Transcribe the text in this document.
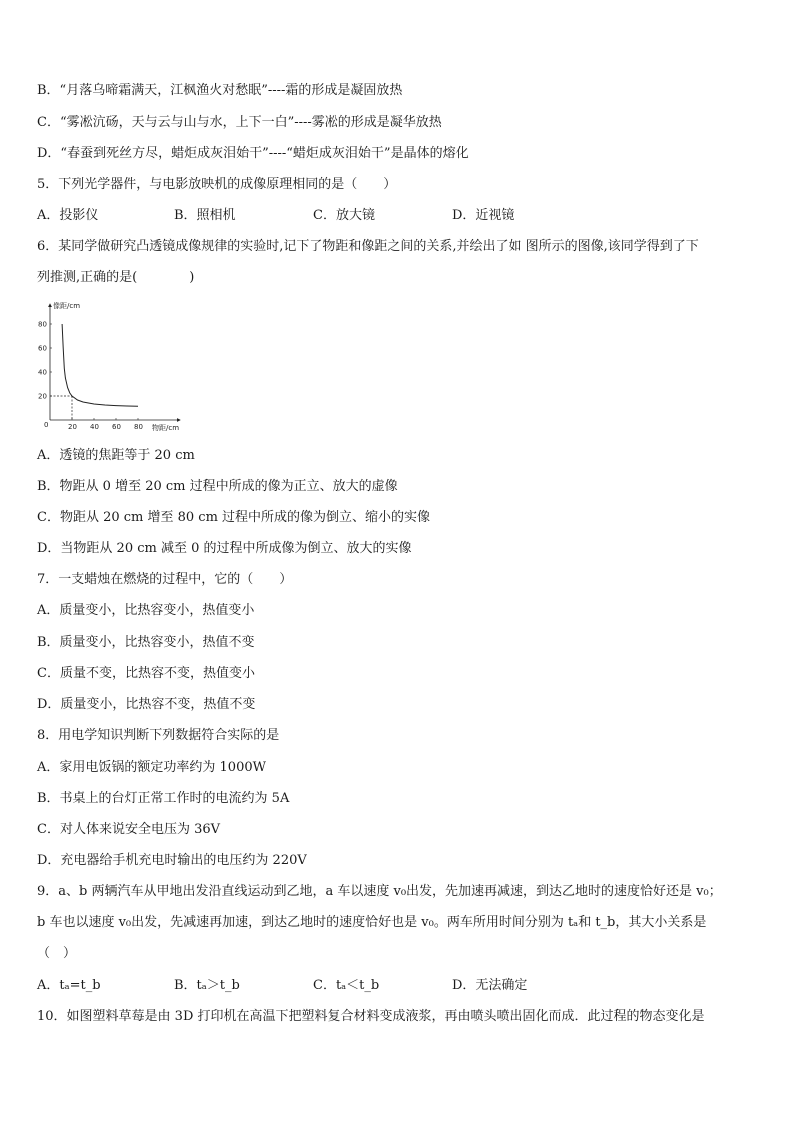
B．“月落乌啼霜满天，江枫渔火对愁眠”----霜的形成是凝固放热
C．“雾凇沆砀，天与云与山与水，上下一白”----雾凇的形成是凝华放热
D．“春蚕到死丝方尽，蜡炬成灰泪始干”----“蜡炬成灰泪始干”是晶体的熔化
5．下列光学器件，与电影放映机的成像原理相同的是（　　）
A．投影仪	B．照相机	C．放大镜	D．近视镜
6．某同学做研究凸透镜成像规律的实验时,记下了物距和像距之间的关系,并绘出了如 图所示的图像,该同学得到了下
列推测,正确的是(　　　　)
像距/cm
物距/cm
0	20 40 60 80
20
40
60
80
A．透镜的焦距等于 20 cm
B．物距从 0 增至 20 cm 过程中所成的像为正立、放大的虚像
C．物距从 20 cm 增至 80 cm 过程中所成的像为倒立、缩小的实像
D．当物距从 20 cm 减至 0 的过程中所成像为倒立、放大的实像
7．一支蜡烛在燃烧的过程中，它的（　　）
A．质量变小，比热容变小，热值变小
B．质量变小，比热容变小，热值不变
C．质量不变，比热容不变，热值变小
D．质量变小，比热容不变，热值不变
8．用电学知识判断下列数据符合实际的是
A．家用电饭锅的额定功率约为 1000W
B．书桌上的台灯正常工作时的电流约为 5A
C．对人体来说安全电压为 36V
D．充电器给手机充电时输出的电压约为 220V
9．a、b 两辆汽车从甲地出发沿直线运动到乙地，a 车以速度 v₀出发，先加速再减速，到达乙地时的速度恰好还是 v₀；
b 车也以速度 v₀出发，先减速再加速，到达乙地时的速度恰好也是 v₀。两车所用时间分别为 tₐ和 t_b，其大小关系是
（　）
A．tₐ=t_b	B．tₐ＞t_b	C．tₐ＜t_b	D．无法确定
10．如图塑料草莓是由 3D 打印机在高温下把塑料复合材料变成液浆，再由喷头喷出固化而成．此过程的物态变化是
